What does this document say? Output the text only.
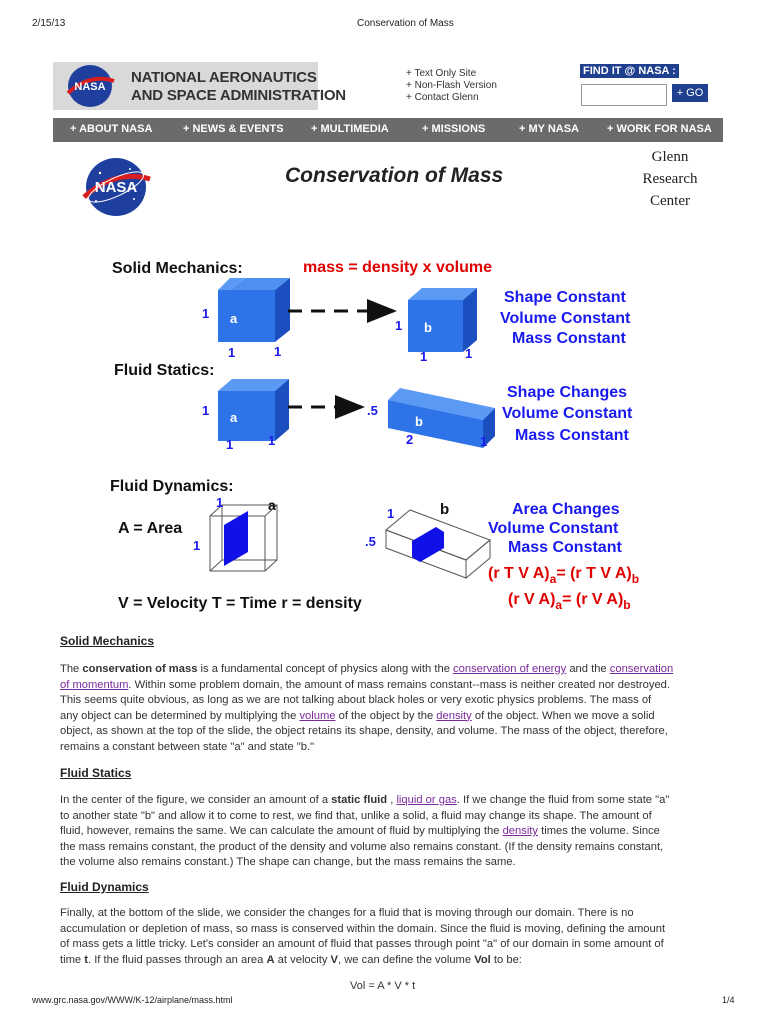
2/15/13	Conservation of Mass
NASA
NATIONAL AERONAUTICS
AND SPACE ADMINISTRATION
+ Text Only Site
+ Non-Flash Version
+ Contact Glenn
FIND IT @ NASA :
+ GO
+ ABOUT NASA	+ NEWS & EVENTS + MULTIMEDIA	+ MISSIONS	+ MY NASA	+ WORK FOR NASA
NASA
Conservation of Mass
Glenn
Research
Center
Solid Mechanics:	mass = density x volume
Shape Constant
Volume Constant
Mass Constant
1 a
1	1
1 b
1	1
Fluid Statics:
Shape Changes
Volume Constant
Mass Constant
1 a
1	1
.5
b
2	1
Fluid Dynamics:
Area Changes
Volume Constant
Mass Constant
A = Area
1	a
1
1	b
.5
(r T V $A)_a= (r$ T V $A)_b$
(r V $A)_a= (r$ V $A)_b$
V = Velocity T = Time r = density
Solid Mechanics
The conservation of mass is a fundamental concept of physics along with the conservation of energy and the conservation
of momentum. Within some problem domain, the amount of mass remains constant--mass is neither created nor destroyed.
This seems quite obvious, as long as we are not talking about black holes or very exotic physics problems. The mass of
any object can be determined by multiplying the volume of the object by the density of the object. When we move a solid
object, as shown at the top of the slide, the object retains its shape, density, and volume. The mass of the object, therefore,
remains a constant between state "a" and state "b."
Fluid Statics
In the center of the figure, we consider an amount of a static fluid , liquid or gas. If we change the fluid from some state "a"
to another state "b" and allow it to come to rest, we find that, unlike a solid, a fluid may change its shape. The amount of
fluid, however, remains the same. We can calculate the amount of fluid by multiplying the density times the volume. Since
the mass remains constant, the product of the density and volume also remains constant. (If the density remains constant,
the volume also remains constant.) The shape can change, but the mass remains the same.
Fluid Dynamics
Finally, at the bottom of the slide, we consider the changes for a fluid that is moving through our domain. There is no
accumulation or depletion of mass, so mass is conserved within the domain. Since the fluid is moving, defining the amount
of mass gets a little tricky. Let's consider an amount of fluid that passes through point "a" of our domain in some amount of
time t. If the fluid passes through an area A at velocity V, we can define the volume Vol to be:
Vol = A * V * t
www.grc.nasa.gov/WWW/K-12/airplane/mass.html	1/4
